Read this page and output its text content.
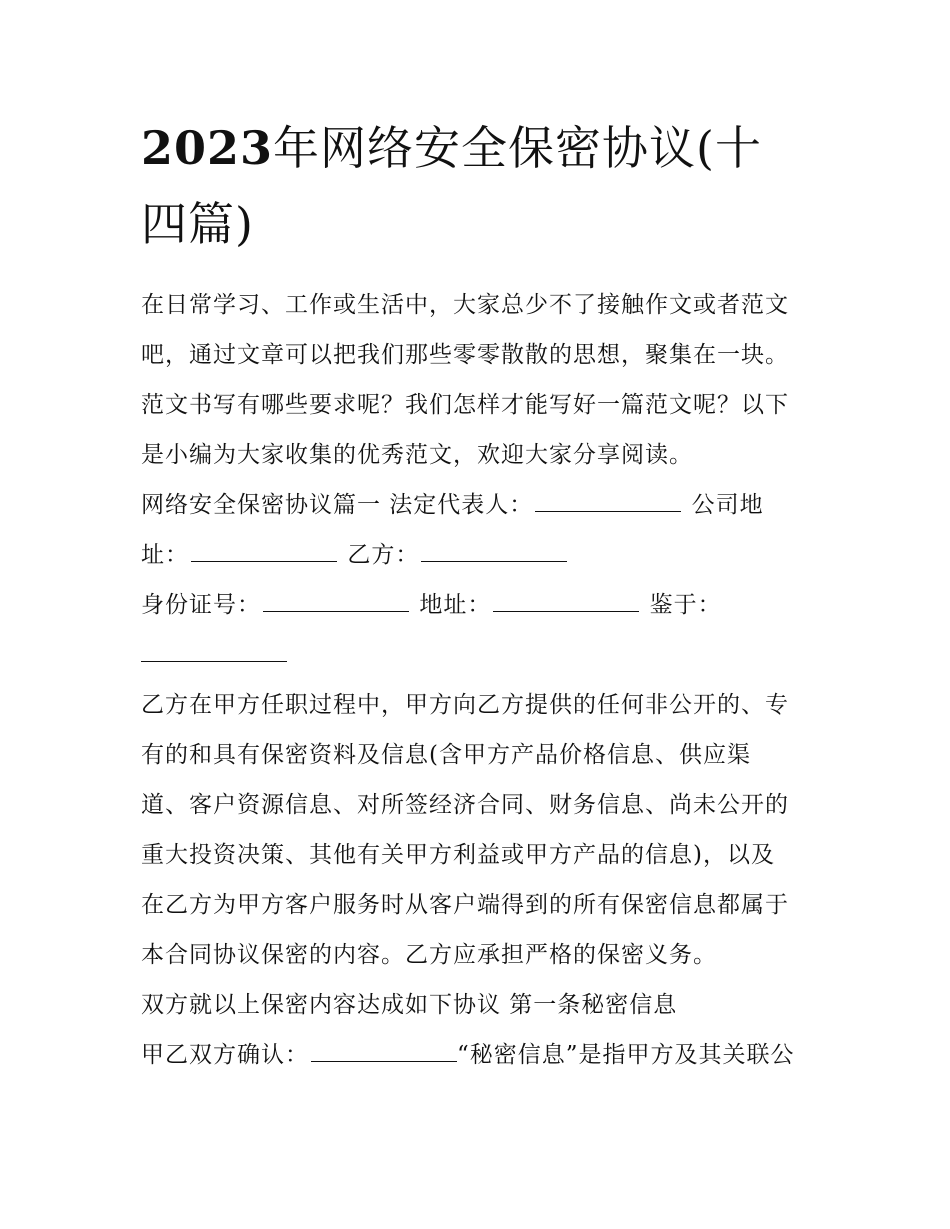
2023年网络安全保密协议(十
四篇)
在日常学习、工作或生活中，大家总少不了接触作文或者范文
吧，通过文章可以把我们那些零零散散的思想，聚集在一块。
范文书写有哪些要求呢？我们怎样才能写好一篇范文呢？以下
是小编为大家收集的优秀范文，欢迎大家分享阅读。
网络安全保密协议篇一 法定代表人：	公司地
址：	乙方：
身份证号：	地址：	鉴于：
乙方在甲方任职过程中，甲方向乙方提供的任何非公开的、专
有的和具有保密资料及信息(含甲方产品价格信息、供应渠
道、客户资源信息、对所签经济合同、财务信息、尚未公开的
重大投资决策、其他有关甲方利益或甲方产品的信息)，以及
在乙方为甲方客户服务时从客户端得到的所有保密信息都属于
本合同协议保密的内容。乙方应承担严格的保密义务。
双方就以上保密内容达成如下协议 第一条秘密信息
甲乙双方确认：	“秘密信息”是指甲方及其关联公
